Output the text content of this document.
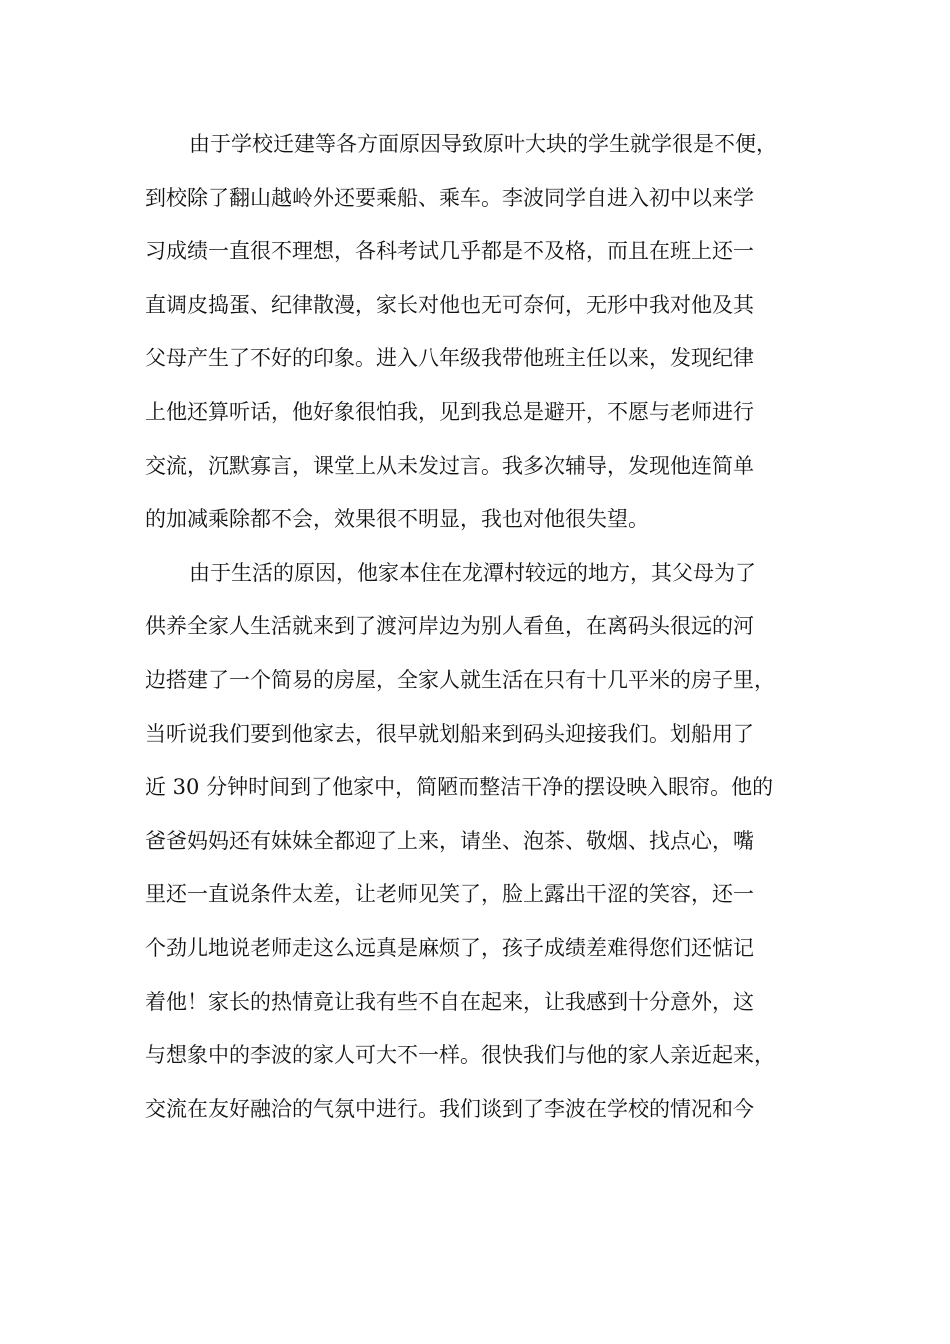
由于学校迁建等各方面原因导致原叶大块的学生就学很是不便，
到校除了翻山越岭外还要乘船、乘车。李波同学自进入初中以来学
习成绩一直很不理想，各科考试几乎都是不及格，而且在班上还一
直调皮捣蛋、纪律散漫，家长对他也无可奈何，无形中我对他及其
父母产生了不好的印象。进入八年级我带他班主任以来，发现纪律
上他还算听话，他好象很怕我，见到我总是避开，不愿与老师进行
交流，沉默寡言，课堂上从未发过言。我多次辅导，发现他连简单
的加减乘除都不会，效果很不明显，我也对他很失望。
由于生活的原因，他家本住在龙潭村较远的地方，其父母为了
供养全家人生活就来到了渡河岸边为别人看鱼，在离码头很远的河
边搭建了一个简易的房屋，全家人就生活在只有十几平米的房子里，
当听说我们要到他家去，很早就划船来到码头迎接我们。划船用了
近 30 分钟时间到了他家中，简陋而整洁干净的摆设映入眼帘。他的
爸爸妈妈还有妹妹全都迎了上来，请坐、泡茶、敬烟、找点心，嘴
里还一直说条件太差，让老师见笑了，脸上露出干涩的笑容，还一
个劲儿地说老师走这么远真是麻烦了，孩子成绩差难得您们还惦记
着他！家长的热情竟让我有些不自在起来，让我感到十分意外，这
与想象中的李波的家人可大不一样。很快我们与他的家人亲近起来，
交流在友好融洽的气氛中进行。我们谈到了李波在学校的情况和今
